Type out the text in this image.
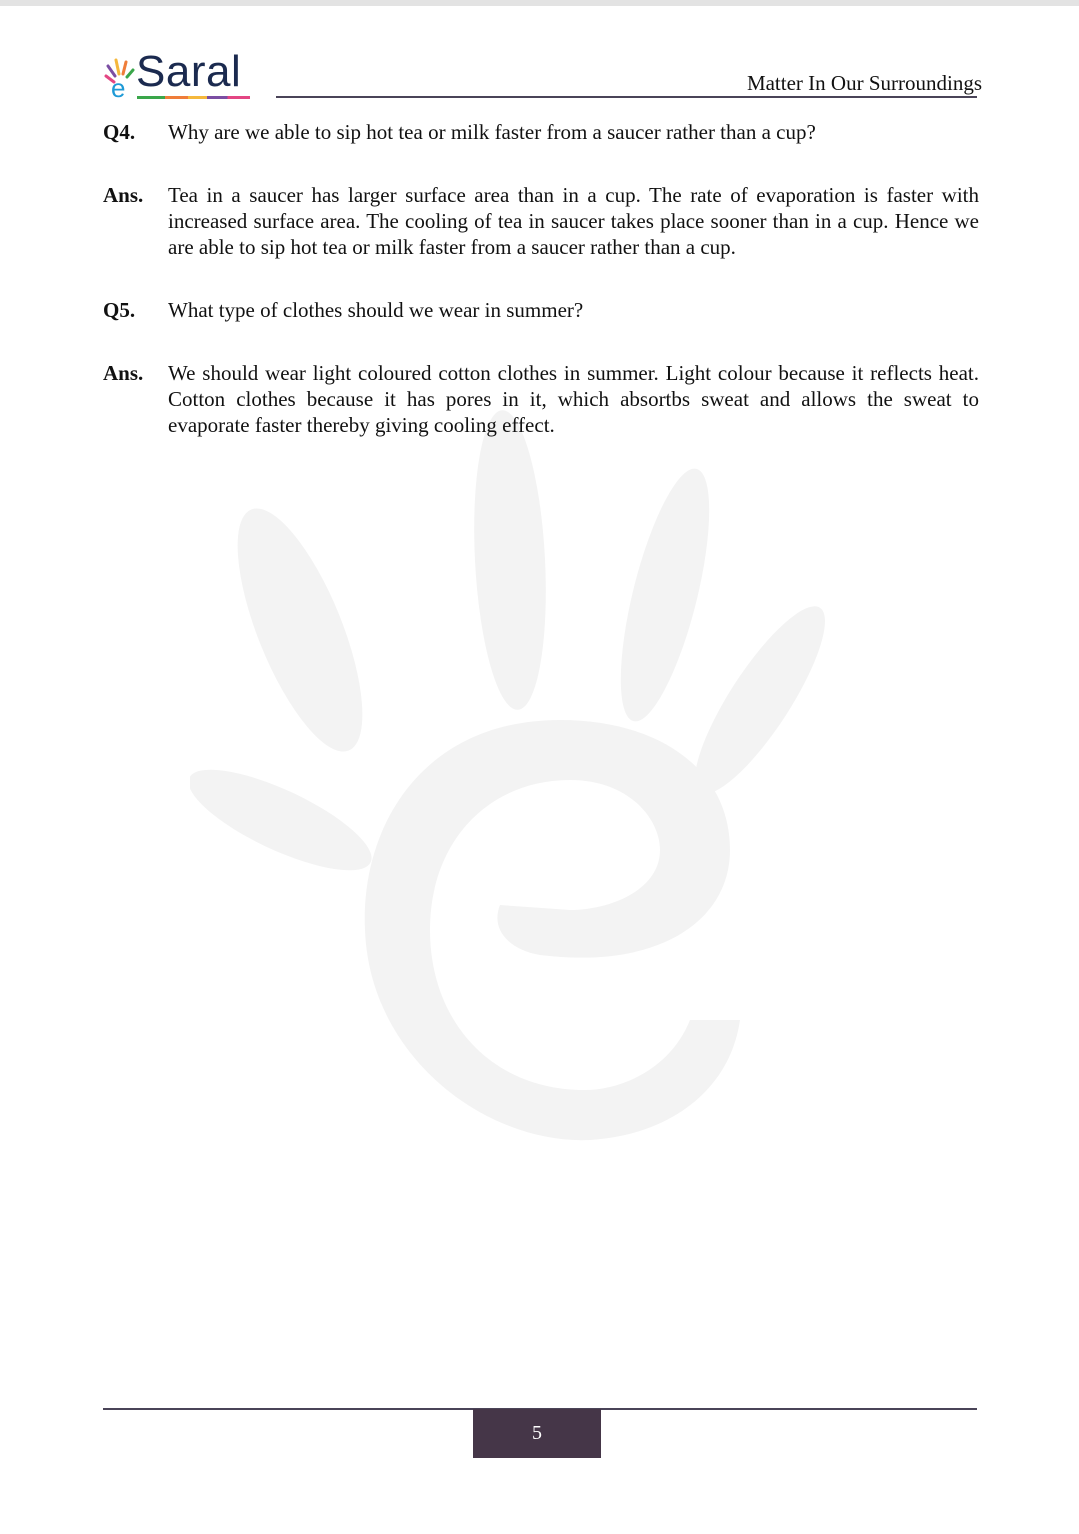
e Saral	Matter In Our Surroundings
Q4.	Why are we able to sip hot tea or milk faster from a saucer rather than a cup?
Ans.	Tea in a saucer has larger surface area than in a cup. The rate of evaporation is faster with increased surface area. The cooling of tea in saucer takes place sooner than in a cup. Hence we are able to sip hot tea or milk faster from a saucer rather than a cup.
Q5.	What type of clothes should we wear in summer?
Ans.	We should wear light coloured cotton clothes in summer. Light colour because it reflects heat. Cotton clothes because it has pores in it, which absortbs sweat and allows the sweat to evaporate faster thereby giving cooling effect.
5
